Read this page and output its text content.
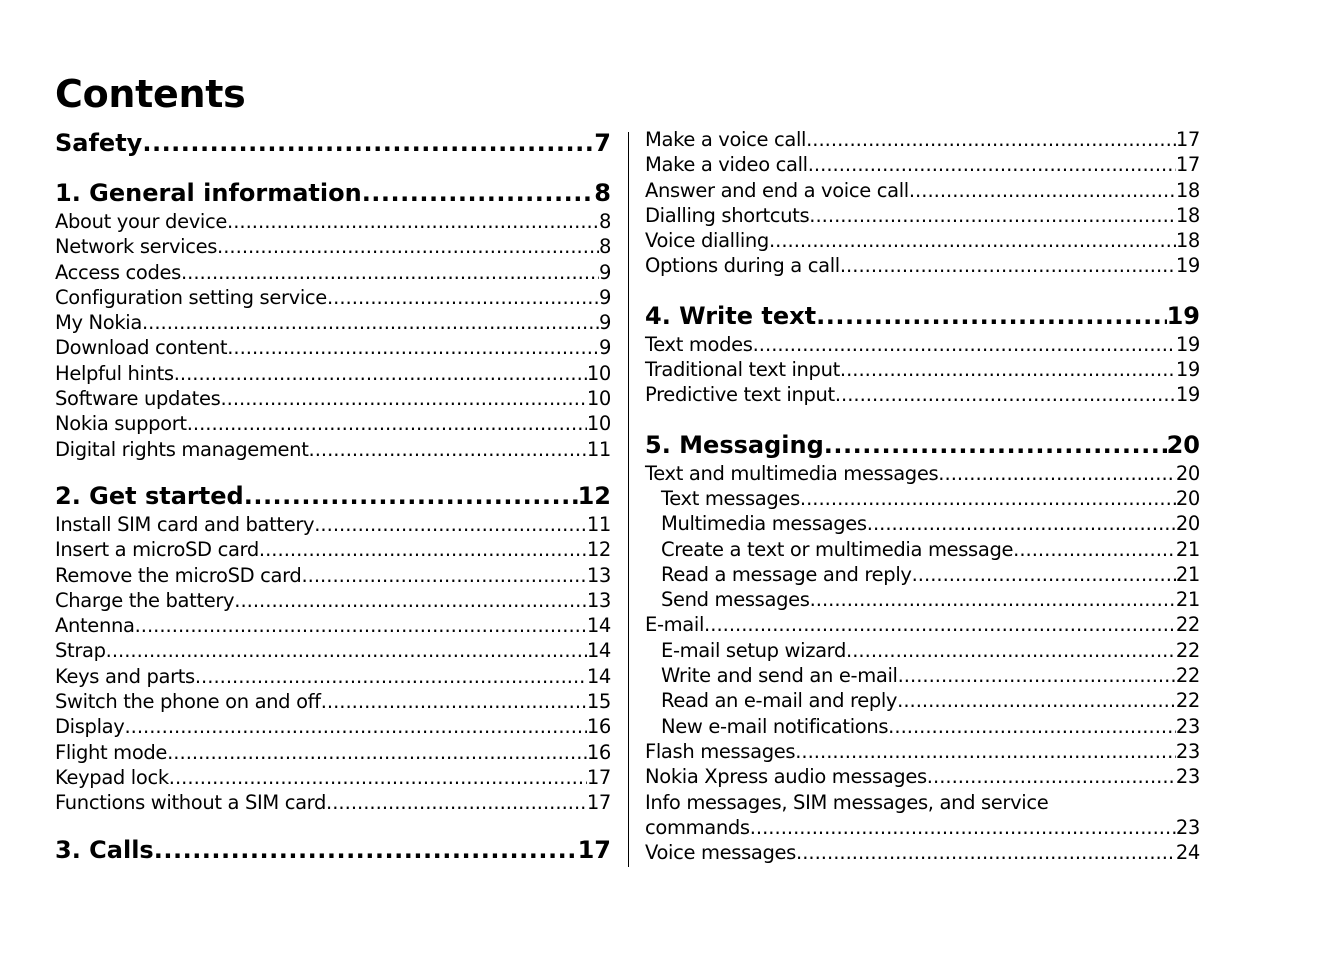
Contents
Safety .....	7
1. General information .....	8
About your device .....	8
Network services .....	8
Access codes .....	9
Configuration setting service .....	9
My Nokia .....	9
Download content .....	9
Helpful hints .....	10
Software updates .....	10
Nokia support .....	10
Digital rights management .....	11
2. Get started .....	12
Install SIM card and battery .....	11
Insert a microSD card .....	12
Remove the microSD card .....	13
Charge the battery .....	13
Antenna .....	14
Strap .....	14
Keys and parts .....	14
Switch the phone on and off .....	15
Display .....	16
Flight mode .....	16
Keypad lock .....	17
Functions without a SIM card .....	17
3. Calls .....	17
Make a voice call .....	17
Make a video call .....	17
Answer and end a voice call .....	18
Dialling shortcuts .....	18
Voice dialling .....	18
Options during a call .....	19
4. Write text .....	19
Text modes .....	19
Traditional text input .....	19
Predictive text input .....	19
5. Messaging .....	20
Text and multimedia messages .....	20
Text messages .....	20
Multimedia messages .....	20
Create a text or multimedia message .....	21
Read a message and reply .....	21
Send messages .....	21
E-mail .....	22
E-mail setup wizard .....	22
Write and send an e-mail .....	22
Read an e-mail and reply .....	22
New e-mail notifications .....	23
Flash messages .....	23
Nokia Xpress audio messages .....	23
Info messages, SIM messages, and service
commands .....	23
Voice messages .....	24
